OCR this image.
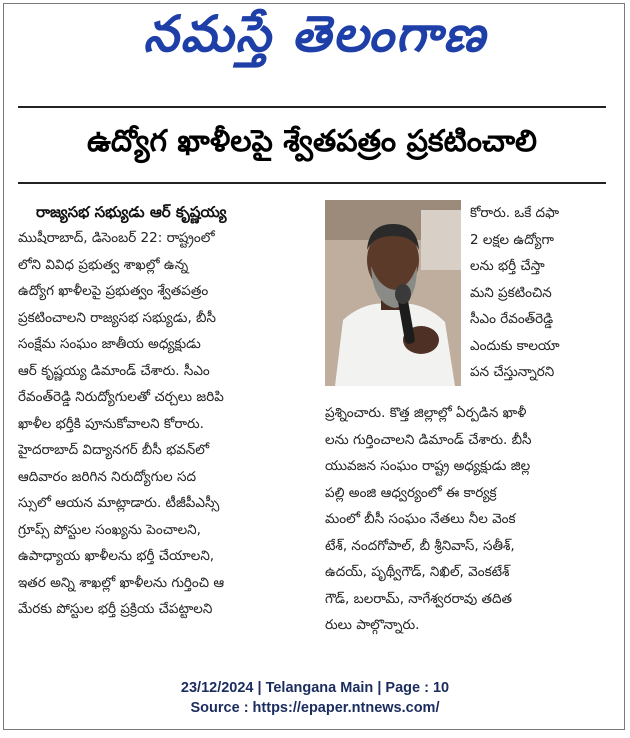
నమస్తే తెలంగాణ
ఉద్యోగ ఖాళీలపై శ్వేతపత్రం ప్రకటించాలి
రాజ్యసభ సభ్యుడు ఆర్ కృష్ణయ్య
ముషీరాబాద్, డిసెంబర్ 22: రాష్ట్రంలో
లోని వివిధ ప్రభుత్వ శాఖల్లో ఉన్న
ఉద్యోగ ఖాళీలపై ప్రభుత్వం శ్వేతపత్రం
ప్రకటించాలని రాజ్యసభ సభ్యుడు, బీసీ
సంక్షేమ సంఘం జాతీయ అధ్యక్షుడు
ఆర్ కృష్ణయ్య డిమాండ్ చేశారు. సీఎం
రేవంత్‌రెడ్డి నిరుద్యోగులతో చర్చలు జరిపి
ఖాళీల భర్తీకి పూనుకోవాలని కోరారు.
హైదరాబాద్ విద్యానగర్ బీసీ భవన్‌లో
ఆదివారం జరిగిన నిరుద్యోగుల సద
స్సులో ఆయన మాట్లాడారు. టీజీపీఎస్సీ
గ్రూప్స్ పోస్టుల సంఖ్యను పెంచాలని,
ఉపాధ్యాయ ఖాళీలను భర్తీ చేయాలని,
ఇతర అన్ని శాఖల్లో ఖాళీలను గుర్తించి ఆ
మేరకు పోస్టుల భర్తీ ప్రక్రియ చేపట్టాలని
కోరారు. ఒకే దఫా
2 లక్షల ఉద్యోగా
లను భర్తీ చేస్తా
మని ప్రకటించిన
సీఎం రేవంత్‌రెడ్డి
ఎందుకు కాలయా
పన చేస్తున్నారని
ప్రశ్నించారు. కొత్త జిల్లాల్లో ఏర్పడిన ఖాళీ
లను గుర్తించాలని డిమాండ్ చేశారు. బీసీ
యువజన సంఘం రాష్ట్ర అధ్యక్షుడు జిల్ల
పల్లి అంజి ఆధ్వర్యంలో ఈ కార్యక్ర
మంలో బీసీ సంఘం నేతలు నీల వెంక
టేశ్, నందగోపాల్, బీ శ్రీనివాస్, సతీశ్,
ఉదయ్, పృథ్వీగౌడ్, నిఖిల్, వెంకటేశ్
గౌడ్, బలరామ్, నాగేశ్వరరావు తదిత
రులు పాల్గొన్నారు.
23/12/2024 | Telangana Main | Page : 10
Source : https://epaper.ntnews.com/
